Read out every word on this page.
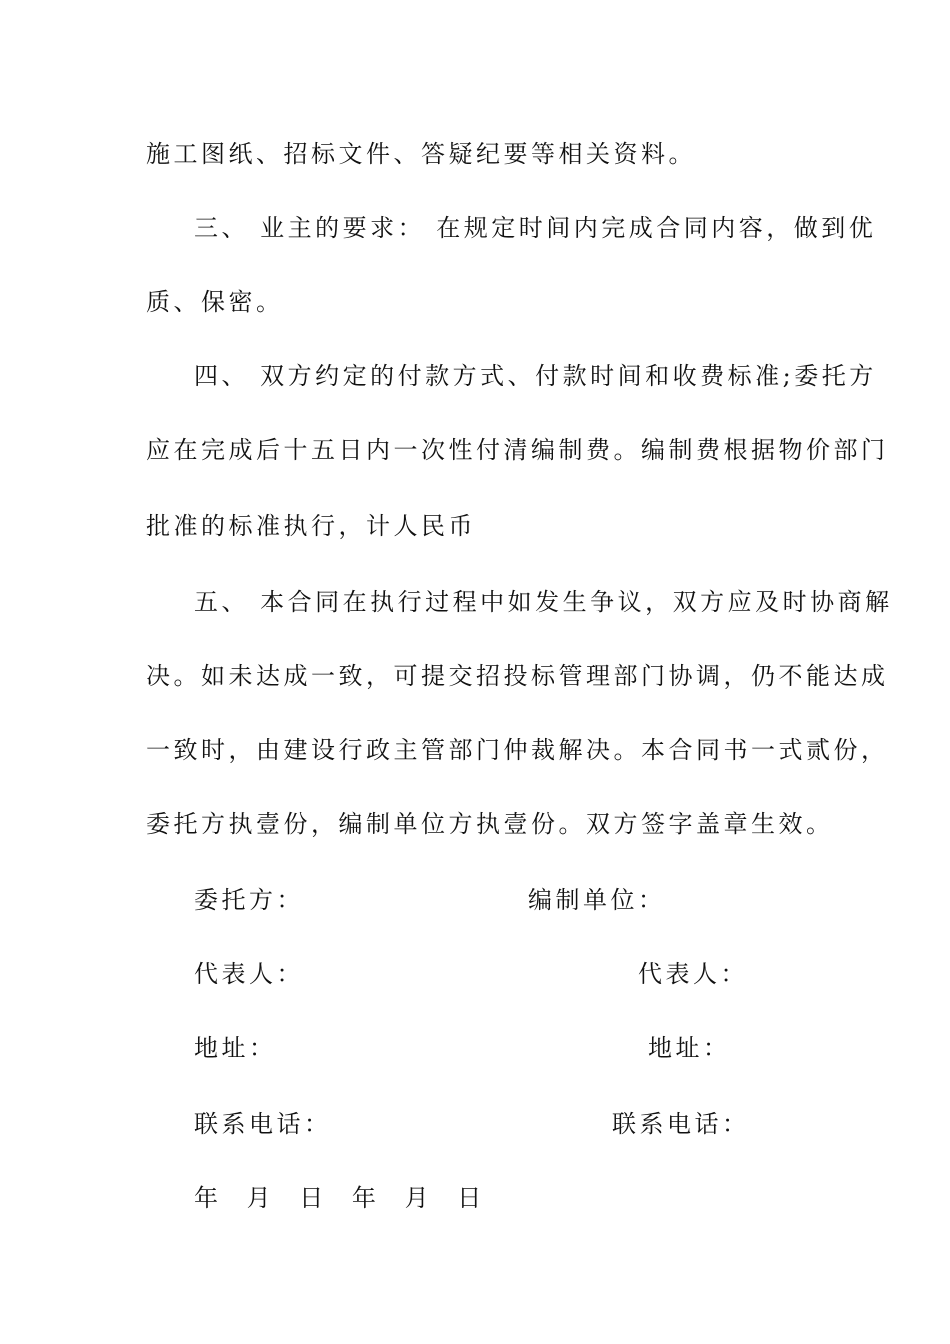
施工图纸、招标文件、答疑纪要等相关资料。
三、 业主的要求： 在规定时间内完成合同内容，做到优
质、保密。
四、 双方约定的付款方式、付款时间和收费标准;委托方
应在完成后十五日内一次性付清编制费。编制费根据物价部门
批准的标准执行，计人民币
五、 本合同在执行过程中如发生争议，双方应及时协商解
决。如未达成一致，可提交招投标管理部门协调，仍不能达成
一致时，由建设行政主管部门仲裁解决。本合同书一式贰份，
委托方执壹份，编制单位方执壹份。双方签字盖章生效。
委托方：	编制单位：
代表人：	代表人：
地址：	地址：
联系电话：	联系电话：
年 月 日 年 月 日
